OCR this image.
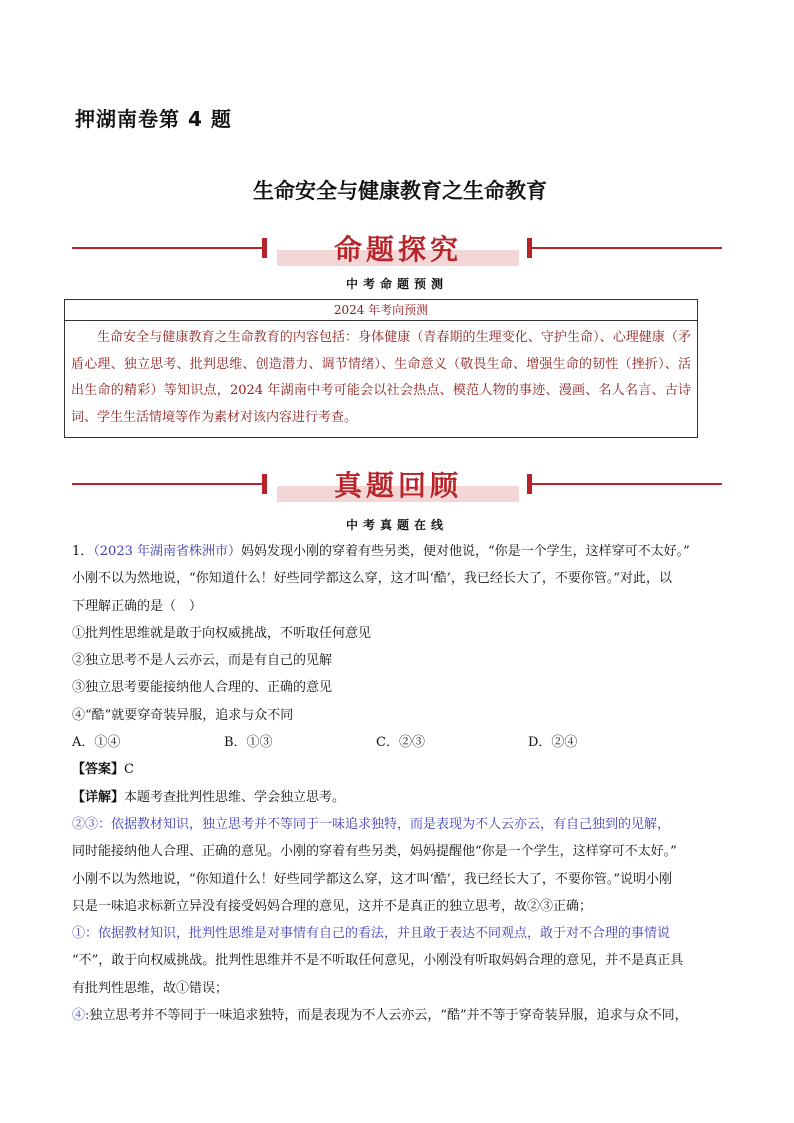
押湖南卷第 4 题
生命安全与健康教育之生命教育
命题探究
中考命题预测
2024 年考向预测
生命安全与健康教育之生命教育的内容包括：身体健康（青春期的生理变化、守护生命）、心理健康（矛盾心理、独立思考、批判思维、创造潜力、调节情绪）、生命意义（敬畏生命、增强生命的韧性（挫折）、活出生命的精彩）等知识点，2024 年湖南中考可能会以社会热点、模范人物的事迹、漫画、名人名言、古诗词、学生生活情境等作为素材对该内容进行考查。
真题回顾
中考真题在线

1．（2023 年湖南省株洲市）妈妈发现小刚的穿着有些另类，便对他说，“你是一个学生，这样穿可不太好。”

小刚不以为然地说，“你知道什么！好些同学都这么穿，这才叫‘酷’，我已经长大了，不要你管。”对此，以

下理解正确的是（　）

①批判性思维就是敢于向权威挑战，不听取任何意见

②独立思考不是人云亦云，而是有自己的见解

③独立思考要能接纳他人合理的、正确的意见

④“酷”就要穿奇装异服，追求与众不同

A．①④	B．①③	C．②③	D．②④

【答案】C

【详解】本题考查批判性思维、学会独立思考。

②③：依据教材知识，独立思考并不等同于一味追求独特，而是表现为不人云亦云，有自己独到的见解，

同时能接纳他人合理、正确的意见。小刚的穿着有些另类，妈妈提醒他“你是一个学生，这样穿可不太好。”

小刚不以为然地说，“你知道什么！好些同学都这么穿，这才叫‘酷’，我已经长大了，不要你管。”说明小刚

只是一味追求标新立异没有接受妈妈合理的意见，这并不是真正的独立思考，故②③正确；

①：依据教材知识，批判性思维是对事情有自己的看法，并且敢于表达不同观点，敢于对不合理的事情说

“不”，敢于向权威挑战。批判性思维并不是不听取任何意见，小刚没有听取妈妈合理的意见，并不是真正具

有批判性思维，故①错误；

④:独立思考并不等同于一味追求独特，而是表现为不人云亦云，“酷”并不等于穿奇装异服，追求与众不同，
